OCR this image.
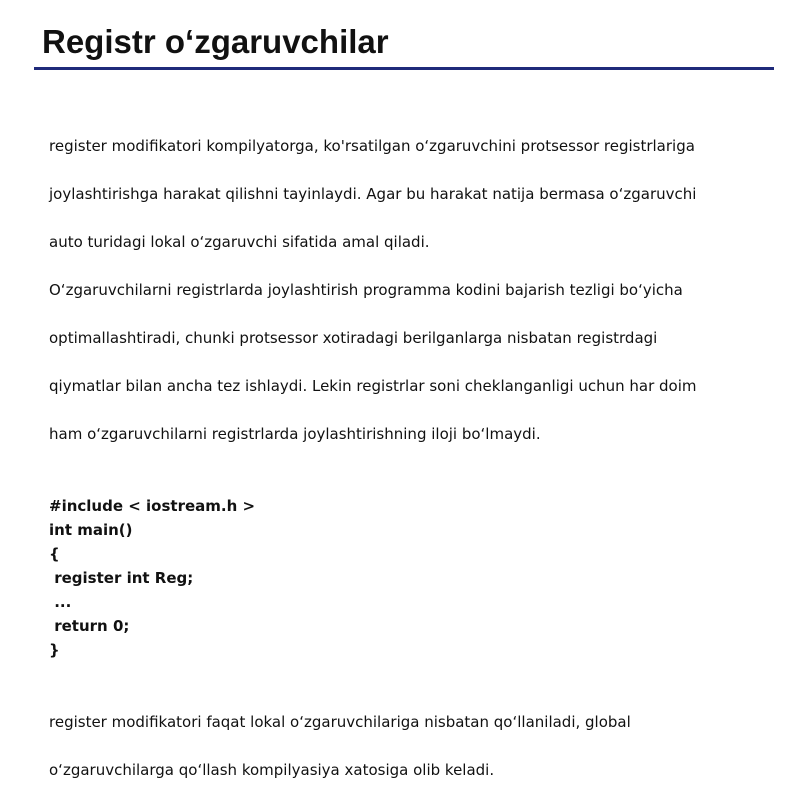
Registr o‘zgaruvchilar

register modifikatori kompilyatorga, ko'rsatilgan o‘zgaruvchini protsessor registrlariga

joylashtirishga harakat qilishni tayinlaydi. Agar bu harakat natija bermasa o‘zgaruvchi

auto turidagi lokal o‘zgaruvchi sifatida amal qiladi.

O‘zgaruvchilarni registrlarda joylashtirish programma kodini bajarish tezligi bo‘yicha

optimallashtiradi, chunki protsessor xotiradagi berilganlarga nisbatan registrdagi

qiymatlar bilan ancha tez ishlaydi. Lekin registrlar soni cheklanganligi uchun har doim

ham o‘zgaruvchilarni registrlarda joylashtirishning iloji bo‘lmaydi.

#include < iostream.h >
int main()
{
register int Reg;
...
return 0;
}

register modifikatori faqat lokal o‘zgaruvchilariga nisbatan qo‘llaniladi, global

o‘zgaruvchilarga qo‘llash kompilyasiya xatosiga olib keladi.
